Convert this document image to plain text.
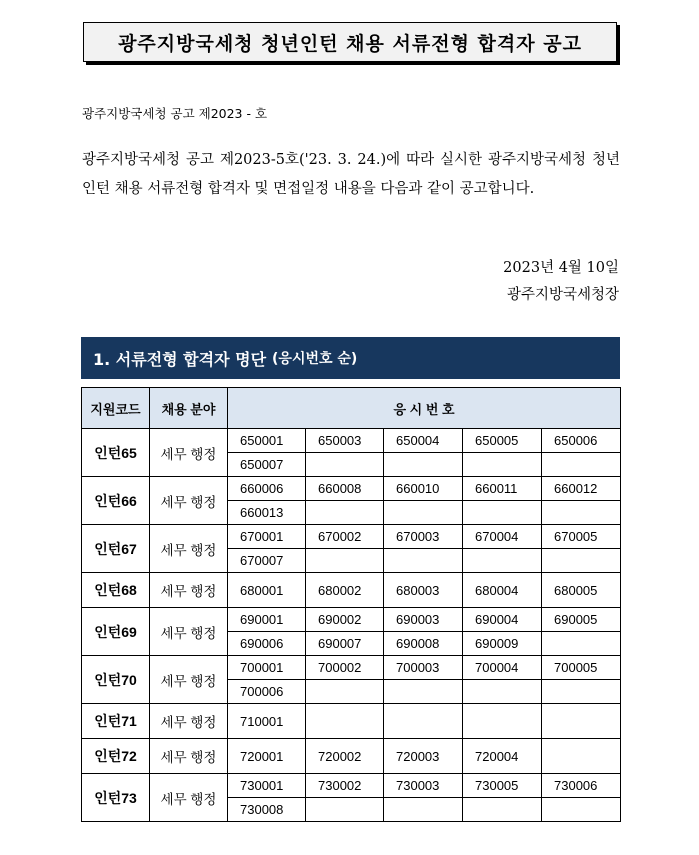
광주지방국세청 청년인턴 채용 서류전형 합격자 공고
광주지방국세청 공고 제2023 - 호
광주지방국세청 공고 제2023-5호('23. 3. 24.)에 따라 실시한 광주지방국세청 청년인턴 채용 서류전형 합격자 및 면접일정 내용을 다음과 같이 공고합니다.
2023년 4월 10일
광주지방국세청장
1. 서류전형 합격자 명단 (응시번호 순)
지원코드	채용 분야	응 시 번 호				
인턴65	세무 행정	650001	650003	650004	650005	650006
		650007				
인턴66	세무 행정	660006	660008	660010	660011	660012
		660013				
인턴67	세무 행정	670001	670002	670003	670004	670005
		670007				
인턴68	세무 행정	680001	680002	680003	680004	680005
인턴69	세무 행정	690001	690002	690003	690004	690005
		690006	690007	690008	690009	
인턴70	세무 행정	700001	700002	700003	700004	700005
		700006				
인턴71	세무 행정	710001				
인턴72	세무 행정	720001	720002	720003	720004	
인턴73	세무 행정	730001	730002	730003	730005	730006
		730008				
